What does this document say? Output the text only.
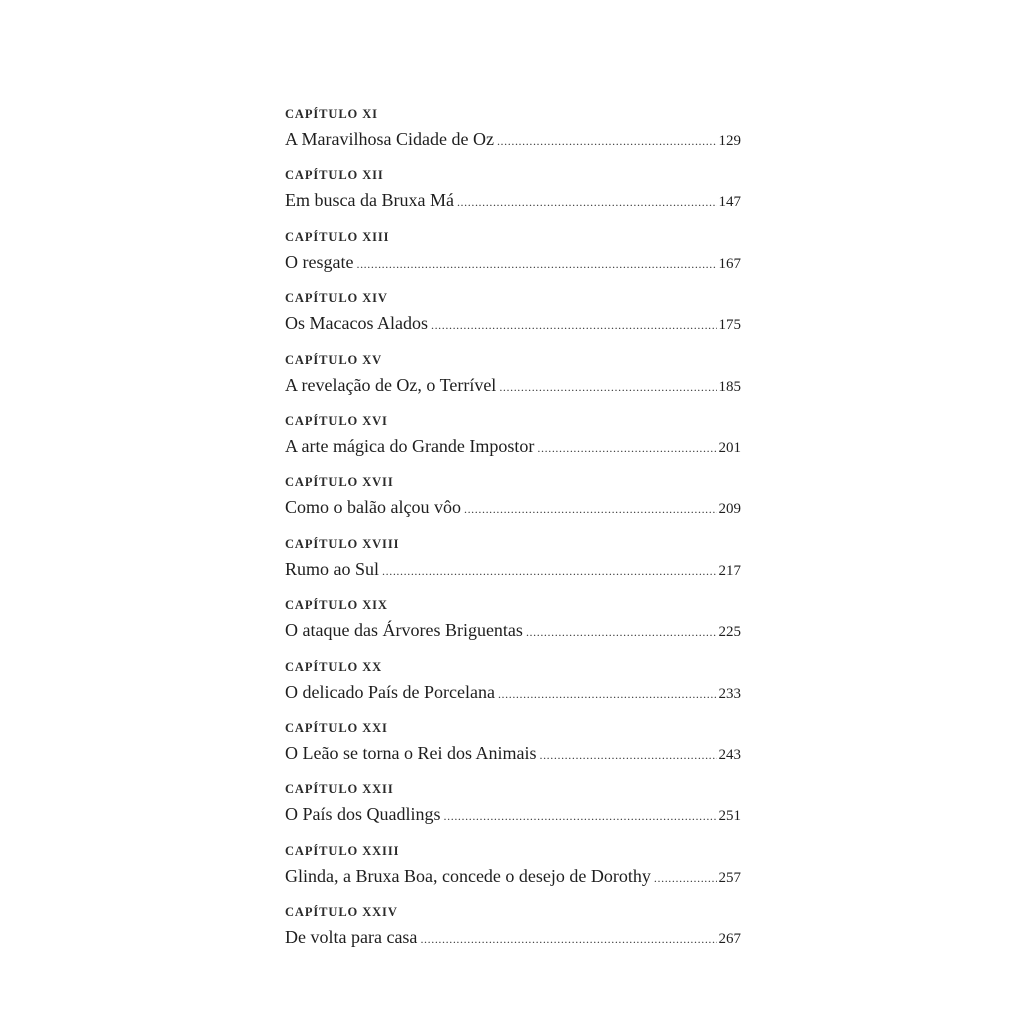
CAPÍTULO XI
A Maravilhosa Cidade de Oz .....	129
CAPÍTULO XII
Em busca da Bruxa Má .....	147
CAPÍTULO XIII
O resgate .....	167
CAPÍTULO XIV
Os Macacos Alados .....	175
CAPÍTULO XV
A revelação de Oz, o Terrível .....	185
CAPÍTULO XVI
A arte mágica do Grande Impostor .....	201
CAPÍTULO XVII
Como o balão alçou vôo .....	209
CAPÍTULO XVIII
Rumo ao Sul .....	217
CAPÍTULO XIX
O ataque das Árvores Briguentas .....	225
CAPÍTULO XX
O delicado País de Porcelana .....	233
CAPÍTULO XXI
O Leão se torna o Rei dos Animais .....	243
CAPÍTULO XXII
O País dos Quadlings .....	251
CAPÍTULO XXIII
Glinda, a Bruxa Boa, concede o desejo de Dorothy .....	257
CAPÍTULO XXIV
De volta para casa .....	267
